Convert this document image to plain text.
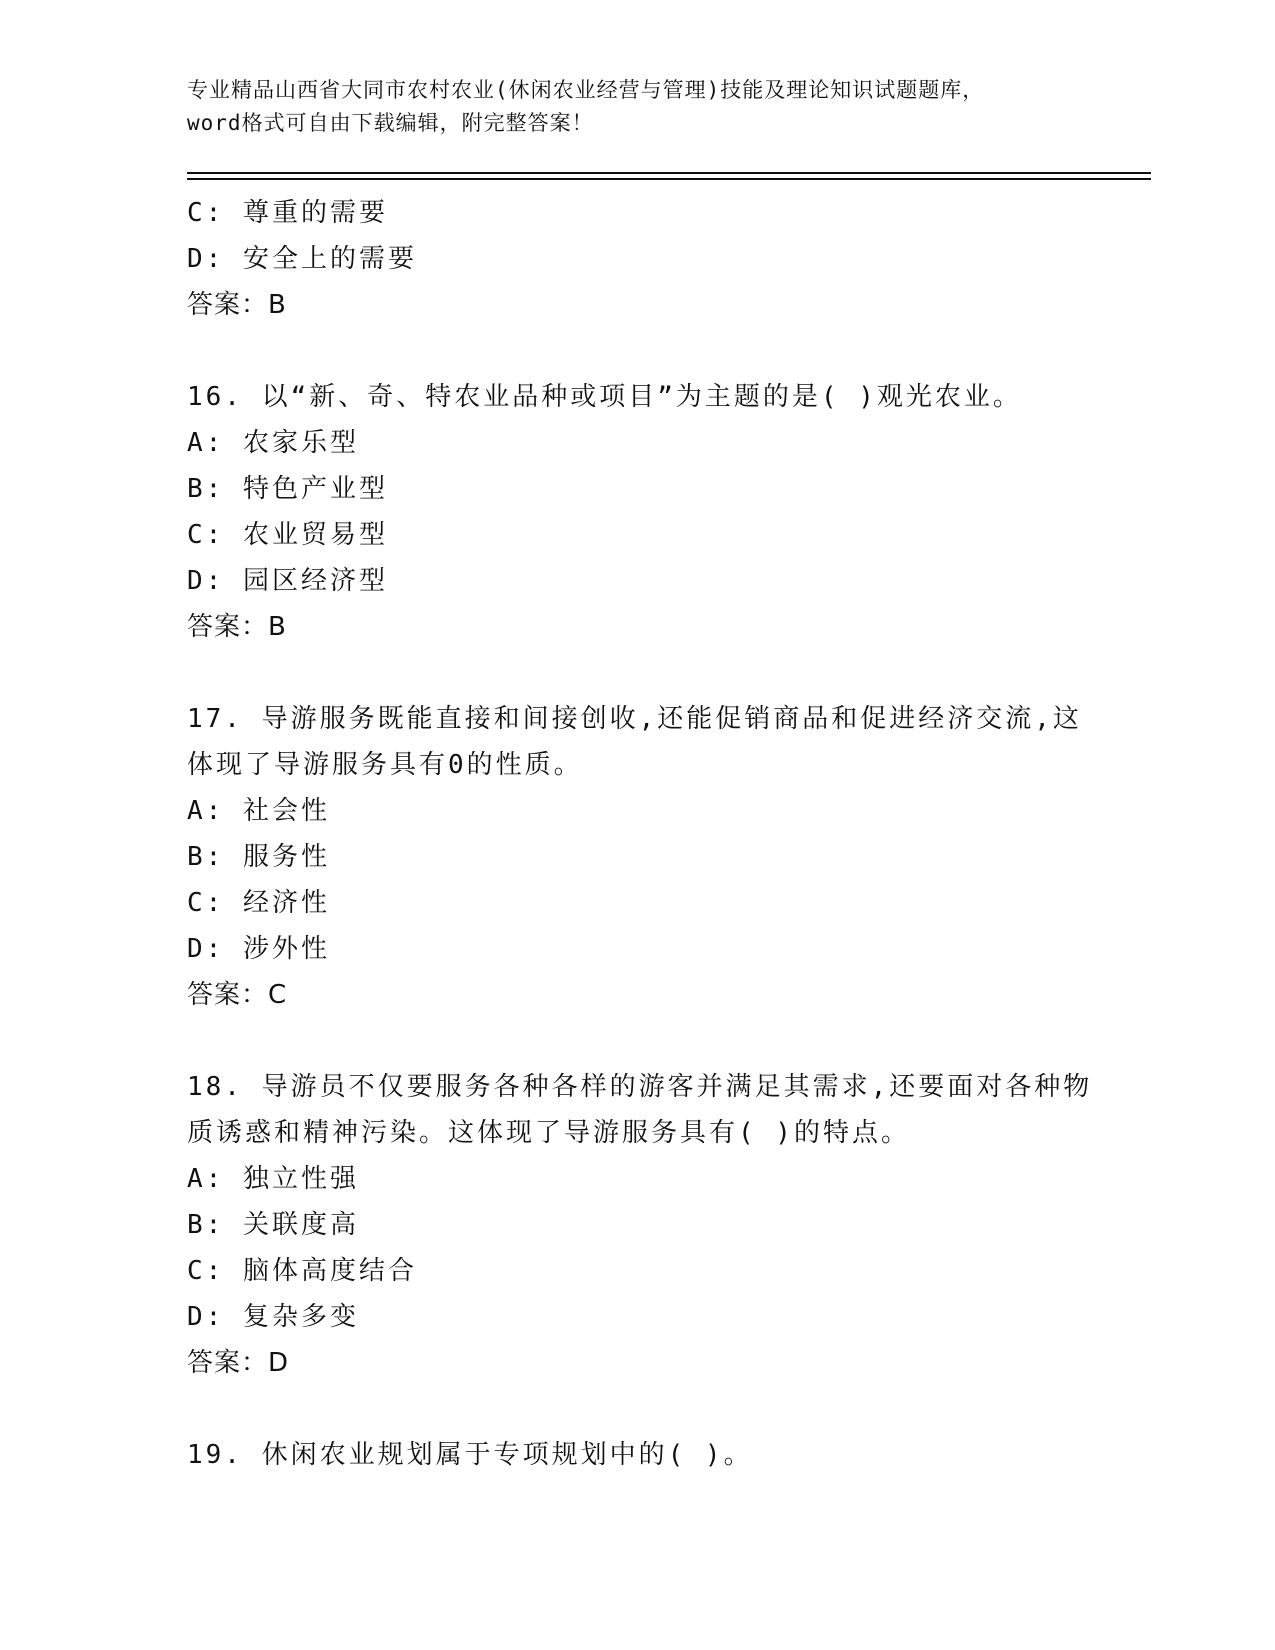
专业精品山西省大同市农村农业(休闲农业经营与管理)技能及理论知识试题题库，
word格式可自由下载编辑，附完整答案！
C: 尊重的需要
D: 安全上的需要
答案：B
16. 以“新、奇、特农业品种或项目”为主题的是( )观光农业。
A: 农家乐型
B: 特色产业型
C: 农业贸易型
D: 园区经济型
答案：B
17. 导游服务既能直接和间接创收,还能促销商品和促进经济交流,这
体现了导游服务具有0的性质。
A: 社会性
B: 服务性
C: 经济性
D: 涉外性
答案：C
18. 导游员不仅要服务各种各样的游客并满足其需求,还要面对各种物
质诱惑和精神污染。这体现了导游服务具有( )的特点。
A: 独立性强
B: 关联度高
C: 脑体高度结合
D: 复杂多变
答案：D
19. 休闲农业规划属于专项规划中的( )。
